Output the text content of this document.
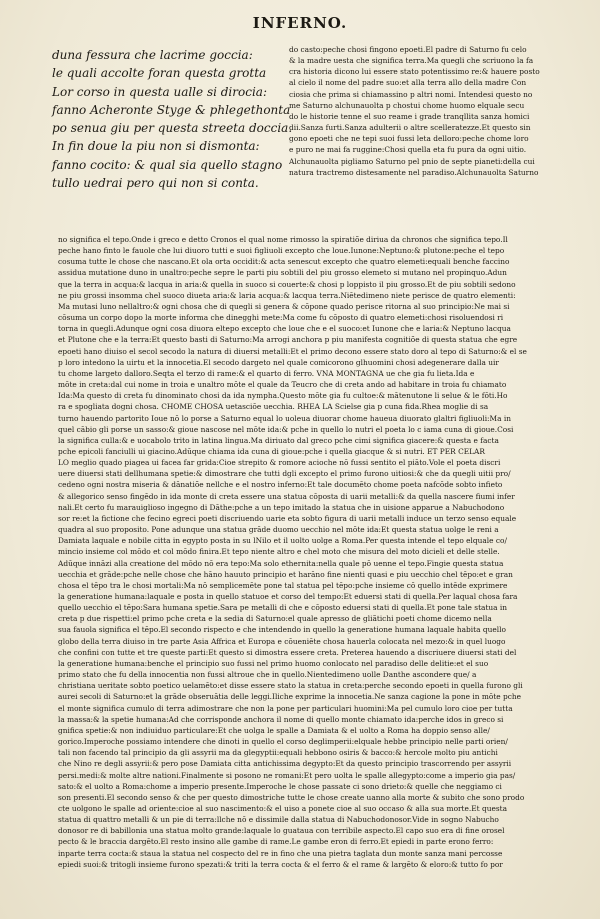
INFERNO.
duna fessura che lacrime goccia:
le quali accolte foran questa grotta
Lor corso in questa ualle si dirocia:
fanno Acheronte Styge & phlegethonta
po senua giu per questa streeta doccia.
In fin doue la piu non si dismonta:
fanno cocito: & qual sia quello stagno
tullo uedrai pero qui non si conta.
do casto:peche chosi fingono epoeti.El padre di Saturno fu celo
& la madre uesta che significa terra.Ma quegli che scriuono la fa
cra historia dicono lui essere stato potentissimo re:& hauere posto
al cielo il nome del padre suo:et alla terra allo della madre Con
ciosia che prima si chiamassino p altri nomi. Intendesi questo no
me Saturno alchunauolta p chostui chome huomo elquale secu
do le historie tenne el suo reame i grade tranqllita sanza homici
dii.Sanza furti.Sanza adulterii o altre scelleratezze.Et questo sin
gono epoeti che ne tepi suoi fussi leta delloro:peche chome loro
e puro ne mai fa ruggine:Chosi quella eta fu pura da ogni uitio.
Alchunauolta pigliamo Saturno pel pnio de septe pianeti:della cui
natura tractremo distesamente nel paradiso.Alchunauolta Saturno
no significa el tepo.Onde i greco e detto Cronos el qual nome rimosso la spiratiõe diriua da chronos che significa tepo.Il
peche hano finto le fauole che lui diuoro tutti e suoi figliuoli excepto che loue.Iunone:Neptuno:& plutone:peche el tepo
cosuma tutte le chose che nascano.Et ola orta occidit:& acta senescut excepto che quatro elemeti:equali benche faccino
assidua mutatione duno in unaltro:peche sepre le parti piu sobtili del piu grosso elemeto si mutano nel propinquo.Adun
que la terra in acqua:& lacqua in aria:& quella in suoco si couerte:& chosi p loppisto il piu grosso.Et de piu sobtili sedono
ne piu grossi insomma chel suoco diueta aria:& laria acqua:& lacqua terra.Niētedimeno niete perisce de quatro elementi:
Ma mutasi luno nellaltro:& ogni chosa che di quegli si genera & cōpone quado perisce ritorna al suo principio:Ne mai si
cōsuma un corpo dopo la morte informa che dinegghi mete:Ma come fu cōposto di quatro elemeti:chosi risoluendosi ri
torna in quegli.Adunque ogni cosa diuora eltepo excepto che loue che e el suoco:et Iunone che e laria:& Neptuno lacqua
et Plutone che e la terra:Et questo basti di Saturno:Ma arrogi anchora p piu manifesta cognitiõe di questa statua che egre
epoeti hano diuiso el secol secodo la natura di diuersi metalli:Et el primo decono essere stato doro al tepo di Saturno:& el se
p loro intedono la uirtu et la innocetia.El secodo dargeto nel quale comicorono glhuomini chosi adegenerare dalla uir
tu chome largeto dalloro.Seqta el terzo di rame:& el quarto di ferro. VNA MONTAGNA ue che gia fu lieta.Ida e
mōte in creta:dal cui nome in troia e unaltro mōte el quale da Teucro che di creta ando ad habitare in troia fu chiamato
Ida:Ma questo di creta fu dinominato chosi da ida nympha.Questo mōte gia fu cultoe:& mātenutone li selue & le fōti.Ho
ra e spogliata dogni chosa. CHOME CHOSA uetasciōe uecchia. RHEA LA Scielse gia p cuna fida.Rhea moglie di sa
turno hauendo partorito Ioue nō lo porse a Saturno equal lo uoleua diuorar chome haueua diuorato glaltri figliuoli:Ma in
quel cābio gli porse un sasso:& gioue nascose nel mōte ida:& pche in quello lo nutri el poeta lo c iama cuna di gioue.Cosi
la significa culla:& e uocabolo trito in latina lingua.Ma diriuato dal greco pche cimi significa giacere:& questa e facta
pche epicoli fanciulli ui giacino.Adūque chiama ida cuna di gioue:pche i quella giacque & si nutri. ET PER CELAR
LO meglio quado piagea ui facea far grida:Cioe strepito & romore acioche nō fussi sentito el piāto.Vole el poeta discri
uere diuersi stati dellhumana spetie:& dimostrare che tutti dgli excepto el primo furono uitiosi:& che da quegli uitii pro/
cedeno ogni nostra miseria & dānatiõe nellche e el nostro inferno:Et tale documēto chome poeta nafcōde sobto infieto
& allegorico senso fingēdo in ida monte di creta essere una statua cōposta di uarii metalli:& da quella nascere fiumi infer
nali.Et certo fu marauiglioso ingegno di Dāthe:pche a un tepo imitado la statua che in uisione apparue a Nabuchodono
sor re:et la fictione che fecino egreci poeti discriuendo uarie eta sobto figura di uarii metalli induce un terzo senso equale
quadra al suo proposito. Pone adunque una statua grāde duomo uecchio nel mōte ida:Et questa statua uolge le reni a
Damiata laquale e nobile citta in egypto posta in su lNilo et il uolto uolge a Roma.Per questa intende el tepo elquale co/
mincio insieme col mōdo et col mōdo finira.Et tepo niente altro e chel moto che misura del moto dicieli et delle stelle.
Adūque innāzi alla creatione del mōdo nō era tepo:Ma solo ethernita:nella quale pō uenne el tepo.Fingie questa statua
uecchia et grāde:pche nelle chose che hāno hauuto principio et harāno fine nienti quasi e piu uecchio chel tēpo:et e gran
chosa el tēpo tra le chosi mortali:Ma nō semplicemēte pone tal statua pel tēpo:pche insieme cō quello intēde exprimere
la generatione humana:laquale e posta in quello statuoe et corso del tempo:Et eduersi stati di quella.Per laqual chosa fara
quello uecchio el tēpo:Sara humana spetie.Sara pe metalli di che e cōposto eduersi stati di quella.Et pone tale statua in
creta p due rispetti:el primo pche creta e la sedia di Saturno:el quale apresso de gliãtichi poeti chome dicemo nella
sua fauola significa el tēpo.El secondo rispecto e che intendendo in quello la generatione humana laquale habita quello
globo della terra diuiso in tre parte Asia Affrica et Europa e cōueniēte chosa hauerla colocata nel mezo:& in quel luogo
che confini con tutte et tre queste parti:Et questo si dimostra essere creta. Preterea hauendo a discriuere diuersi stati del
la generatione humana:benche el principio suo fussi nel primo huomo conlocato nel paradiso delle delitie:et el suo
primo stato che fu della innocentia non fussi altroue che in quello.Nientedimeno uolle Danthe ascondere que/ a
christiana ueritate sobto poetico uelamēto:et disse essere stato la statua in creta:perche secondo epoeti in quella furono gli
aurei secoli di Saturno:et la grāde obseruātia delle leggi.Iliche exprime la innocetia.Ne sanza cagione la pone in mōte pche
el monte significa cumulo di terra adimostrare che non la pone per particulari huomini:Ma pel cumulo loro cioe per tutta
la massa:& la spetie humana:Ad che corrisponde anchora il nome di quello monte chiamato ida:perche idos in greco si
gnifica spetie:& non indiuiduo particulare:Et che uolga le spalle a Damiata & el uolto a Roma ha doppio senso alle/
gorico.Imperoche possiamo intendere che dinoti in quello el corso deglimperii:elquale hebbe principio nelle parti orien/
tali non facendo tal principio da gli assyrii ma da glegyptii:equali hebbono osiris & bacco:& hercole molto piu antichi
che Nino re degli assyrii:& pero pose Damiata citta antichissima degypto:Et da questo principio trascorrendo per assyrii
persi.medi:& molte altre nationi.Finalmente si posono ne romani:Et pero uolta le spalle allegypto:come a imperio gia pas/
sato:& el uolto a Roma:chome a imperio presente.Imperoche le chose passate ci sono drieto:& quelle che neggiamo ci
son presenti.El secondo senso & che per questo dimostriche tutte le chose create uanno alla morte & subito che sono prodo
cte uolgono le spalle ad oriente:cioe al suo nascimento:& el uiso a ponete cioe al suo occaso & alla sua morte.Et questa
statua di quattro metalli & un pie di terra:llche nō e dissimile dalla statua di Nabuchodonosor.Vide in sogno Nabucho
donosor re di babillonia una statua molto grande:laquale lo guataua con terribile aspecto.El capo suo era di fine orosel
pecto & le braccia dargēto.El resto insino alle gambe di rame.Le gambe eron di ferro.Et epiedi in parte erono ferro:
inparte terra cocta:& staua la statua nel cospecto del re in fino che una pietra taglata dun monte sanza mani percosse
epiedi suoi:& tritogli insieme furono spezati:& triti la terra cocta & el ferro & el rame & largēto & eloro:& tutto fo por
